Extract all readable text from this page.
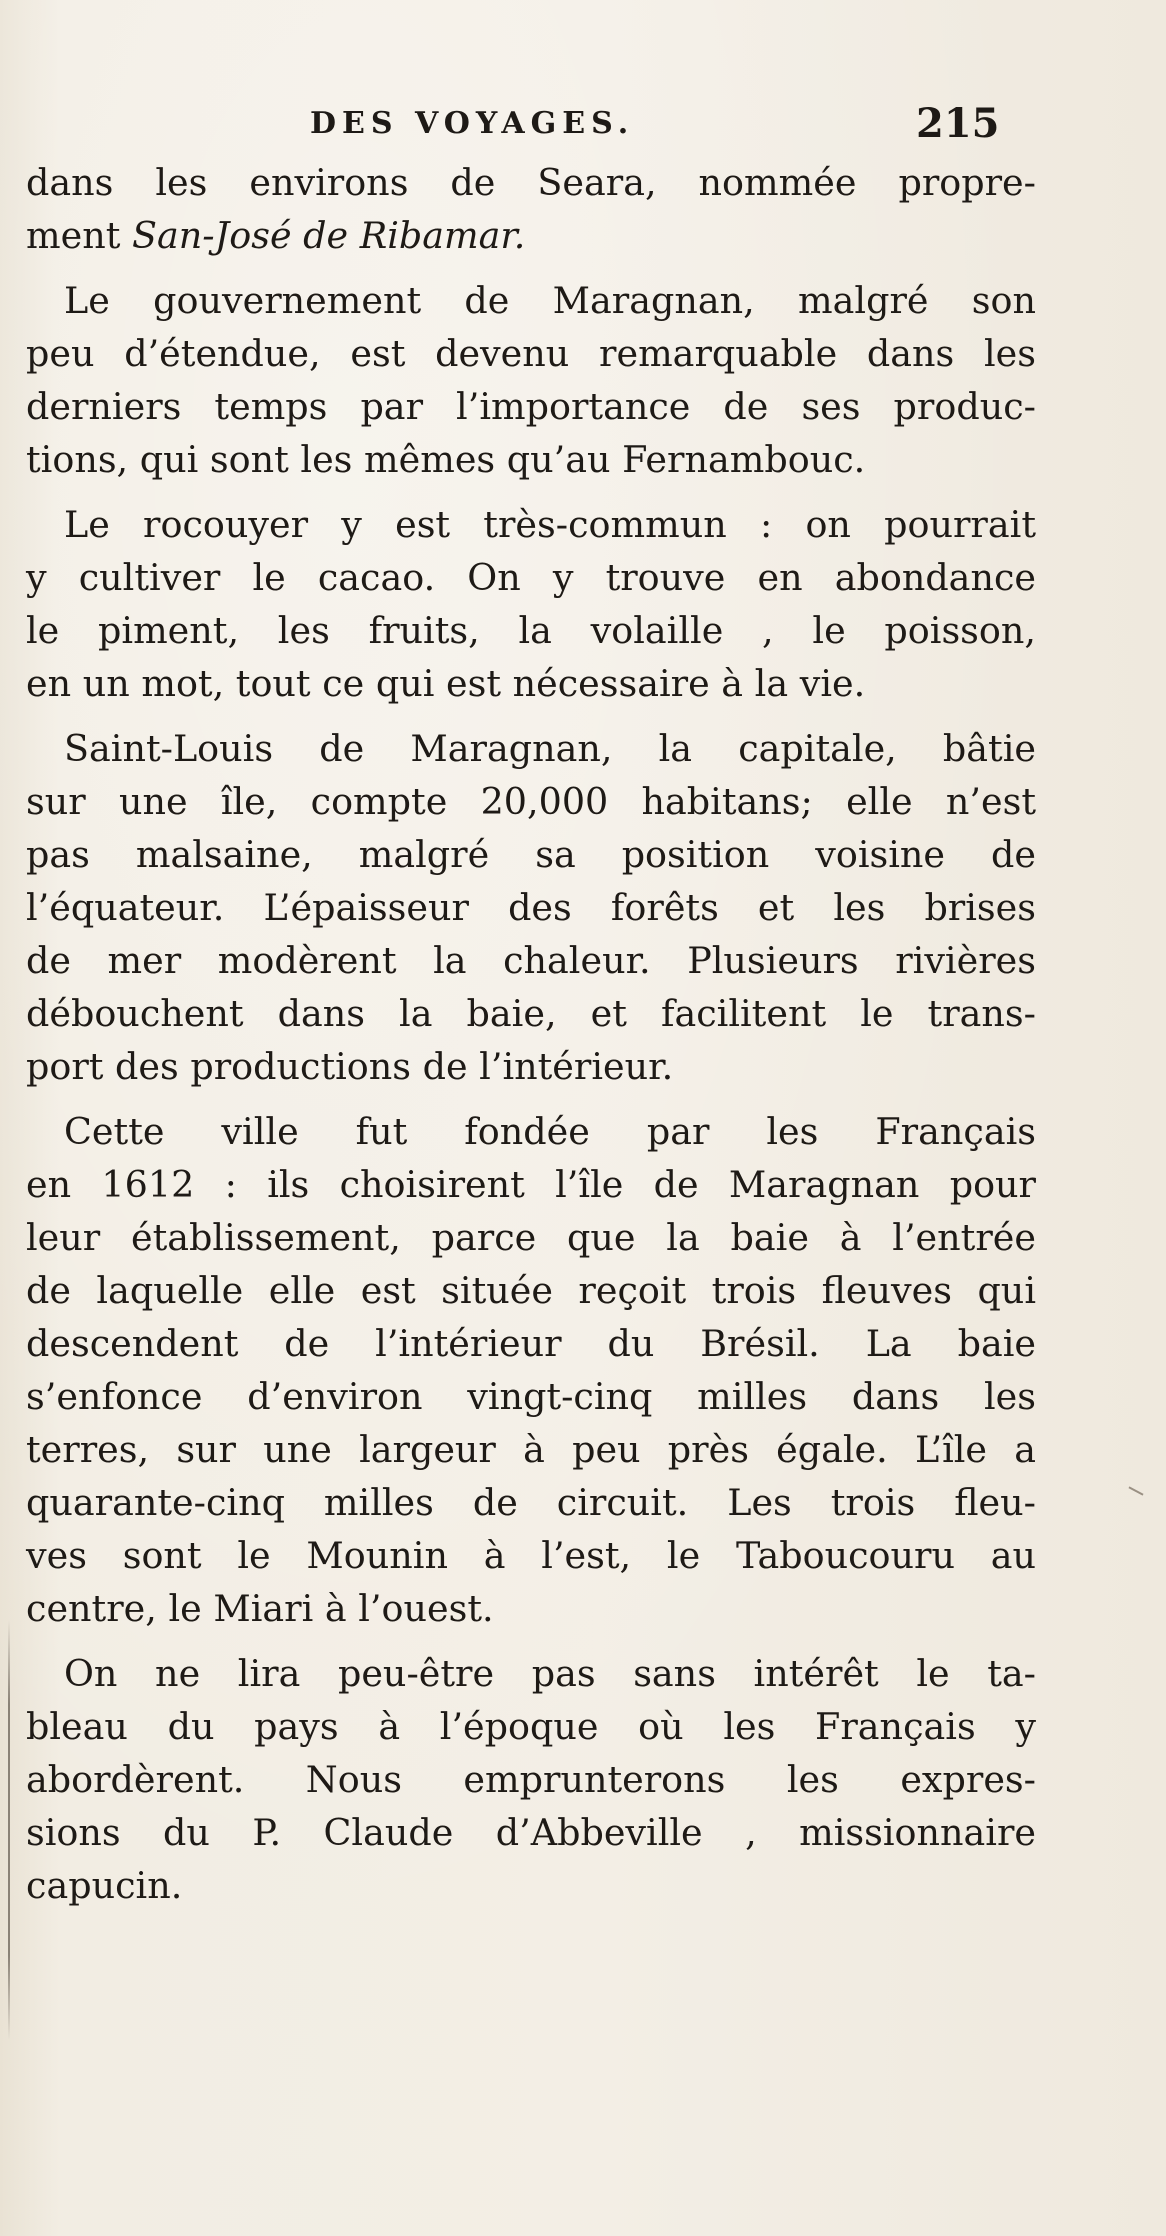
DES VOYAGES.	215
dans les environs de Seara, nommée propre-
ment San-José de Ribamar.
Le gouvernement de Maragnan, malgré son
peu d’étendue, est devenu remarquable dans les
derniers temps par l’importance de ses produc-
tions, qui sont les mêmes qu’au Fernambouc.
Le rocouyer y est très-commun : on pourrait
y cultiver le cacao. On y trouve en abondance
le piment, les fruits, la volaille , le poisson,
en un mot, tout ce qui est nécessaire à la vie.
Saint-Louis de Maragnan, la capitale, bâtie
sur une île, compte 20,000 habitans; elle n’est
pas malsaine, malgré sa position voisine de
l’équateur. L’épaisseur des forêts et les brises
de mer modèrent la chaleur. Plusieurs rivières
débouchent dans la baie, et facilitent le trans-
port des productions de l’intérieur.
Cette ville fut fondée par les Français
en 1612 : ils choisirent l’île de Maragnan pour
leur établissement, parce que la baie à l’entrée
de laquelle elle est située reçoit trois fleuves qui
descendent de l’intérieur du Brésil. La baie
s’enfonce d’environ vingt-cinq milles dans les
terres, sur une largeur à peu près égale. L’île a
quarante-cinq milles de circuit. Les trois fleu-
ves sont le Mounin à l’est, le Taboucouru au
centre, le Miari à l’ouest.
On ne lira peu-être pas sans intérêt le ta-
bleau du pays à l’époque où les Français y
abordèrent. Nous emprunterons les expres-
sions du P. Claude d’Abbeville , missionnaire
capucin.
